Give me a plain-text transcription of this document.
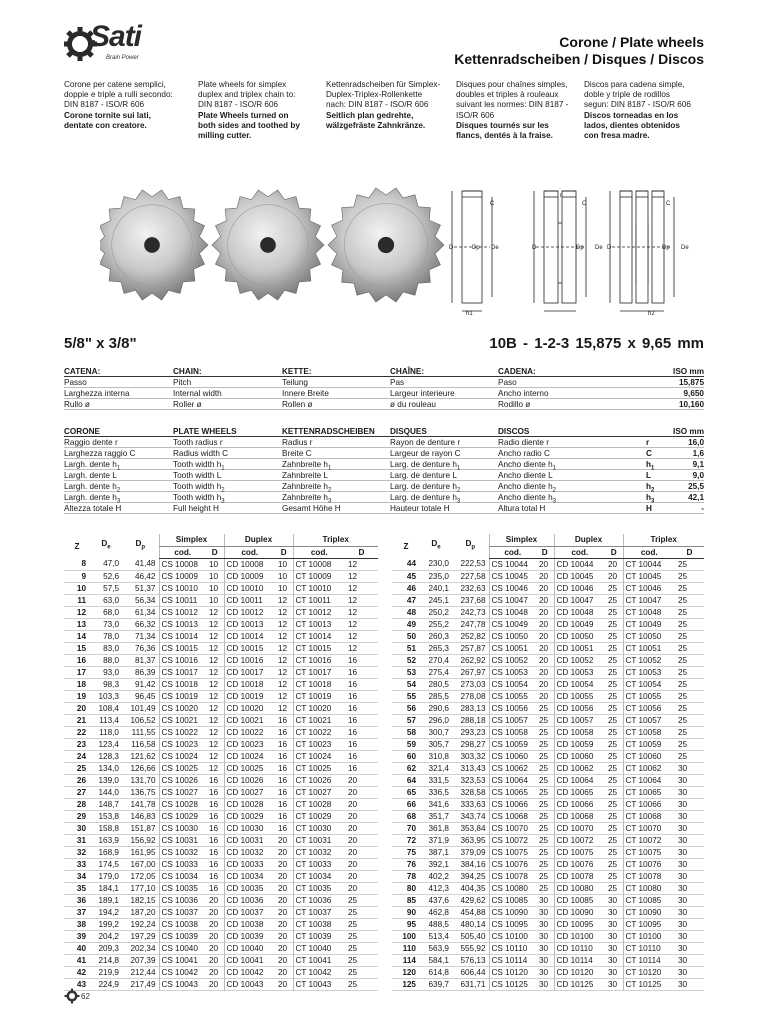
Sati
Brain Power
Corone / Plate wheels
Kettenradscheiben / Disques / Discos
Corone per catene semplici,
doppie e triple a rulli secondo:
DIN 8187 - ISO/R 606
Corone tornite sui lati,
dentate con creatore.
Plate wheels for simplex
duplex and triplex chain to:
DIN 8187 - ISO/R 606
Plate Wheels turned on
both sides and toothed by
milling cutter.
Kettenradscheiben für Simplex-
Duplex-Triplex-Rollenkette
nach: DIN 8187 - ISO/R 606
Seitlich plan gedrehte,
wälzgefräste Zahnkränze.
Disques pour chaînes simples,
doubles et triples à rouleaux
suivant les normes: DIN 8187 -
ISO/R 606
Disques tournés sur les
flancs, dentés à la fraise.
Discos para cadena simple,
doble y triple de rodillos
segun: DIN 8187 - ISO/R 606
Discos torneadas en los
lados, dientes obtenidos
con fresa madre.
C
D	Dp De
h1
C
D	Dp De
r
C
D	Dp De
h2
5/8" x 3/8"	10B - 1-2-3 15,875 x 9,65 mm
CATENA:	CHAIN:	KETTE:	CHAÎNE:	CADENA:	ISO mm
Passo	Pitch	Teilung	Pas	Paso	15,875
Larghezza interna	Internal width	Innere Breite	Largeur interieure	Ancho interno	9,650
Rullo ø	Roller ø	Rollen ø	ø du rouleau	Rodillo ø	10,160
CORONE	PLATE WHEELS	KETTENRADSCHEIBEN	DISQUES	DISCOS	ISO mm
Raggio dente r	Tooth radius r	Radius r	Rayon de denture r	Radio diente r	r	16,0
Larghezza raggio C	Radius width C	Breite C	Largeur de rayon C	Ancho radio C	C	1,6
Largh. dente $h_1$	Tooth width $h_1$	Zahnbreite $h_1$	Larg. de denture $h_1$	Ancho diente $h_1$	$h_1$	9,1
Largh. dente L	Tooth width L	Zahnbreite L	Larg. de denture L	Ancho diente L	L	9,0
Largh. dente $h_2$	Tooth width $h_2$	Zahnbreite $h_2$	Larg. de denture $h_2$	Ancho diente $h_2$	$h_2$	25,5
Largh. dente $h_3$	Tooth width $h_3$	Zahnbreite $h_3$	Larg. de denture $h_3$	Ancho diente $h_3$	$h_3$	42,1
Altezza totale H	Full height H	Gesamt Höhe H	Hauteur totale H	Altura total H	H	-
Z	$D_e$	$D_p$	Simplex		Duplex		Triplex	
			cod.	D	cod.	D	cod.	D
8	47,0	41,48	CS 10008	10	CD 10008	10	CT 10008	12
9	52,6	46,42	CS 10009	10	CD 10009	10	CT 10009	12
10	57,5	51,37	CS 10010	10	CD 10010	10	CT 10010	12
11	63,0	56,34	CS 10011	10	CD 10011	12	CT 10011	12
12	68,0	61,34	CS 10012	12	CD 10012	12	CT 10012	12
13	73,0	66,32	CS 10013	12	CD 10013	12	CT 10013	12
14	78,0	71,34	CS 10014	12	CD 10014	12	CT 10014	12
15	83,0	76,36	CS 10015	12	CD 10015	12	CT 10015	12
16	88,0	81,37	CS 10016	12	CD 10016	12	CT 10016	16
17	93,0	86,39	CS 10017	12	CD 10017	12	CT 10017	16
18	98,3	91,42	CS 10018	12	CD 10018	12	CT 10018	16
19	103,3	96,45	CS 10019	12	CD 10019	12	CT 10019	16
20	108,4	101,49	CS 10020	12	CD 10020	12	CT 10020	16
21	113,4	106,52	CS 10021	12	CD 10021	16	CT 10021	16
22	118,0	111,55	CS 10022	12	CD 10022	16	CT 10022	16
23	123,4	116,58	CS 10023	12	CD 10023	16	CT 10023	16
24	128,3	121,62	CS 10024	12	CD 10024	16	CT 10024	16
25	134,0	126,66	CS 10025	12	CD 10025	16	CT 10025	16
26	139,0	131,70	CS 10026	16	CD 10026	16	CT 10026	20
27	144,0	136,75	CS 10027	16	CD 10027	16	CT 10027	20
28	148,7	141,78	CS 10028	16	CD 10028	16	CT 10028	20
29	153,8	146,83	CS 10029	16	CD 10029	16	CT 10029	20
30	158,8	151,87	CS 10030	16	CD 10030	16	CT 10030	20
31	163,9	156,92	CS 10031	16	CD 10031	20	CT 10031	20
32	168,9	161,95	CS 10032	16	CD 10032	20	CT 10032	20
33	174,5	167,00	CS 10033	16	CD 10033	20	CT 10033	20
34	179,0	172,05	CS 10034	16	CD 10034	20	CT 10034	20
35	184,1	177,10	CS 10035	16	CD 10035	20	CT 10035	20
36	189,1	182,15	CS 10036	20	CD 10036	20	CT 10036	25
37	194,2	187,20	CS 10037	20	CD 10037	20	CT 10037	25
38	199,2	192,24	CS 10038	20	CD 10038	20	CT 10038	25
39	204,2	197,29	CS 10039	20	CD 10039	20	CT 10039	25
40	209,3	202,34	CS 10040	20	CD 10040	20	CT 10040	25
41	214,8	207,39	CS 10041	20	CD 10041	20	CT 10041	25
42	219,9	212,44	CS 10042	20	CD 10042	20	CT 10042	25
43	224,9	217,49	CS 10043	20	CD 10043	20	CT 10043	25
Z	$D_e$	$D_p$	Simplex		Duplex		Triplex	
			cod.	D	cod.	D	cod.	D
44	230,0	222,53	CS 10044	20	CD 10044	20	CT 10044	25
45	235,0	227,58	CS 10045	20	CD 10045	20	CT 10045	25
46	240,1	232,63	CS 10046	20	CD 10046	25	CT 10046	25
47	245,1	237,68	CS 10047	20	CD 10047	25	CT 10047	25
48	250,2	242,73	CS 10048	20	CD 10048	25	CT 10048	25
49	255,2	247,78	CS 10049	20	CD 10049	25	CT 10049	25
50	260,3	252,82	CS 10050	20	CD 10050	25	CT 10050	25
51	265,3	257,87	CS 10051	20	CD 10051	25	CT 10051	25
52	270,4	262,92	CS 10052	20	CD 10052	25	CT 10052	25
53	275,4	267,97	CS 10053	20	CD 10053	25	CT 10053	25
54	280,5	273,03	CS 10054	20	CD 10054	25	CT 10054	25
55	285,5	278,08	CS 10055	20	CD 10055	25	CT 10055	25
56	290,6	283,13	CS 10056	25	CD 10056	25	CT 10056	25
57	296,0	288,18	CS 10057	25	CD 10057	25	CT 10057	25
58	300,7	293,23	CS 10058	25	CD 10058	25	CT 10058	25
59	305,7	298,27	CS 10059	25	CD 10059	25	CT 10059	25
60	310,8	303,32	CS 10060	25	CD 10060	25	CT 10060	25
62	321,4	313,43	CS 10062	25	CD 10062	25	CT 10062	30
64	331,5	323,53	CS 10064	25	CD 10064	25	CT 10064	30
65	336,5	328,58	CS 10065	25	CD 10065	25	CT 10065	30
66	341,6	333,63	CS 10066	25	CD 10066	25	CT 10066	30
68	351,7	343,74	CS 10068	25	CD 10068	25	CT 10068	30
70	361,8	353,84	CS 10070	25	CD 10070	25	CT 10070	30
72	371,9	363,95	CS 10072	25	CD 10072	25	CT 10072	30
75	387,1	379,09	CS 10075	25	CD 10075	25	CT 10075	30
76	392,1	384,16	CS 10076	25	CD 10076	25	CT 10076	30
78	402,2	394,25	CS 10078	25	CD 10078	25	CT 10078	30
80	412,3	404,35	CS 10080	25	CD 10080	25	CT 10080	30
85	437,6	429,62	CS 10085	30	CD 10085	30	CT 10085	30
90	462,8	454,88	CS 10090	30	CD 10090	30	CT 10090	30
95	488,5	480,14	CS 10095	30	CD 10095	30	CT 10095	30
100	513,4	505,40	CS 10100	30	CD 10100	30	CT 10100	30
110	563,9	555,92	CS 10110	30	CD 10110	30	CT 10110	30
114	584,1	576,13	CS 10114	30	CD 10114	30	CT 10114	30
120	614,8	606,44	CS 10120	30	CD 10120	30	CT 10120	30
125	639,7	631,71	CS 10125	30	CD 10125	30	CT 10125	30
62
